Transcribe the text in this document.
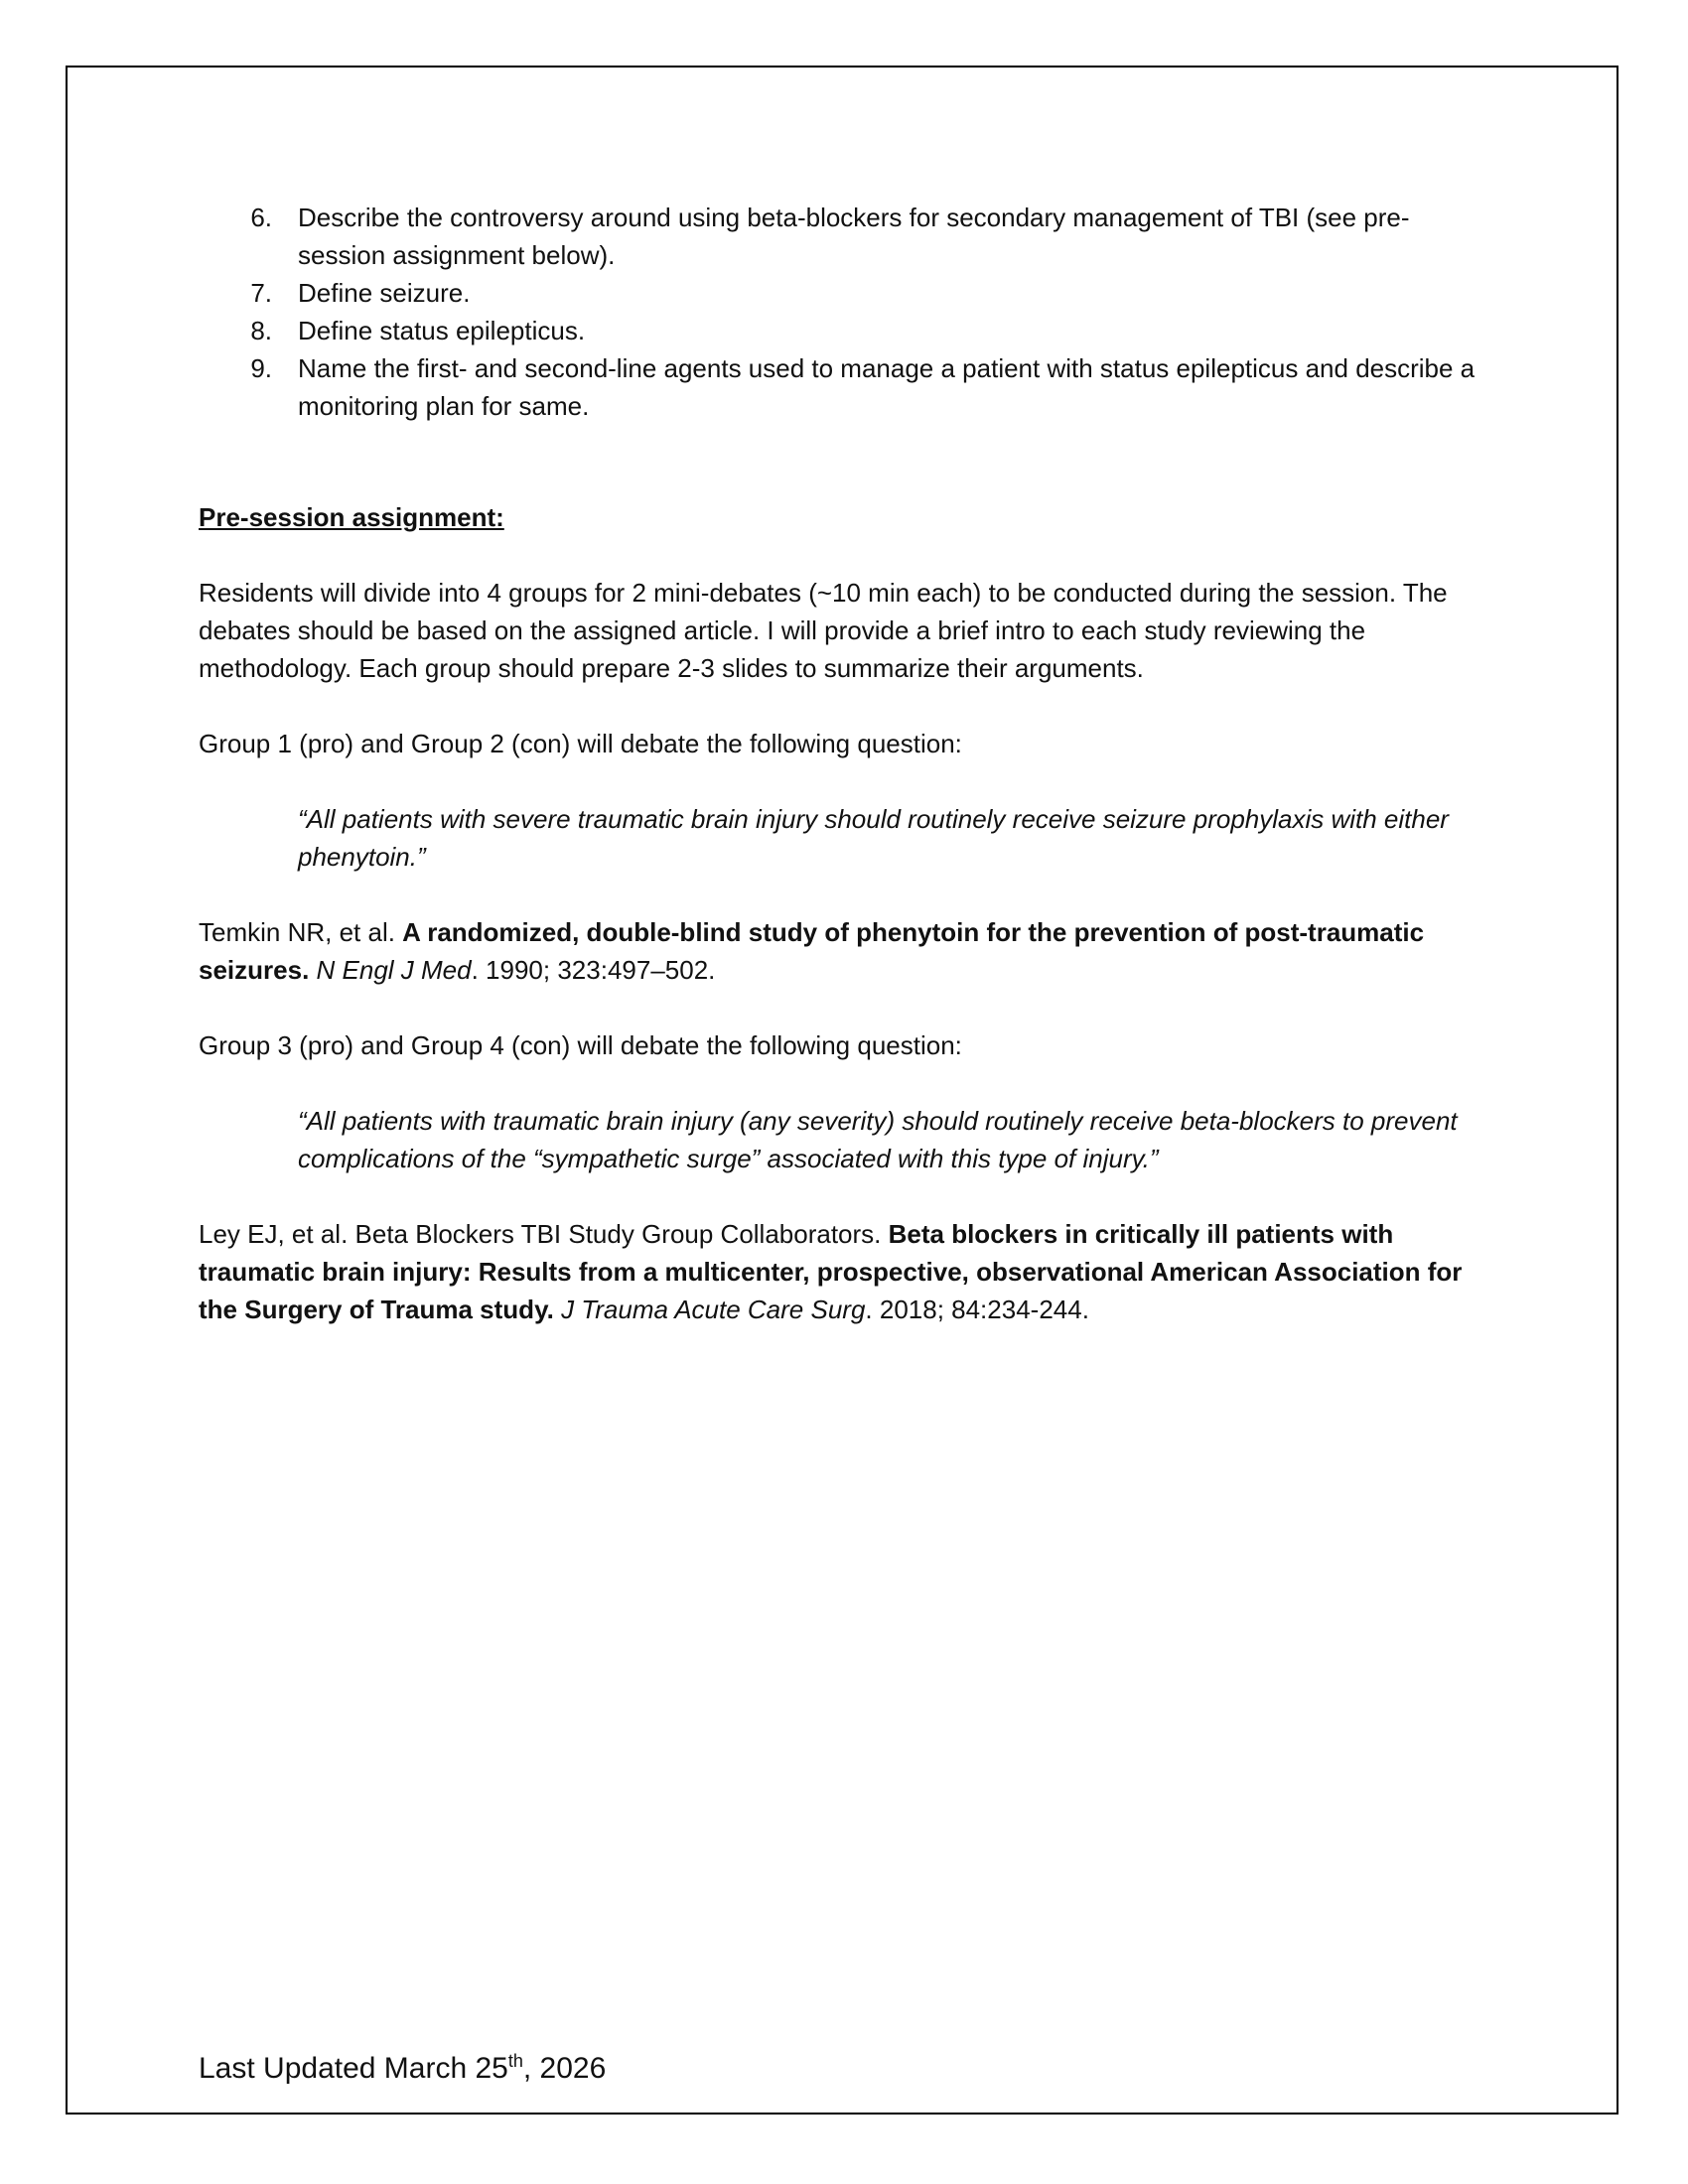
6.	Describe the controversy around using beta-blockers for secondary management of TBI (see pre-session assignment below).
7.	Define seizure.
8.	Define status epilepticus.
9.	Name the first- and second-line agents used to manage a patient with status epilepticus and describe a monitoring plan for same.
Pre-session assignment:
Residents will divide into 4 groups for 2 mini-debates (~10 min each) to be conducted during the session. The debates should be based on the assigned article. I will provide a brief intro to each study reviewing the methodology. Each group should prepare 2-3 slides to summarize their arguments.
Group 1 (pro) and Group 2 (con) will debate the following question:
“All patients with severe traumatic brain injury should routinely receive seizure prophylaxis with either phenytoin.”
Temkin NR, et al. A randomized, double-blind study of phenytoin for the prevention of post-traumatic seizures. N Engl J Med. 1990; 323:497–502.
Group 3 (pro) and Group 4 (con) will debate the following question:
“All patients with traumatic brain injury (any severity) should routinely receive beta-blockers to prevent complications of the “sympathetic surge” associated with this type of injury.”
Ley EJ, et al. Beta Blockers TBI Study Group Collaborators. Beta blockers in critically ill patients with traumatic brain injury: Results from a multicenter, prospective, observational American Association for the Surgery of Trauma study. J Trauma Acute Care Surg. 2018; 84:234-244.
Last Updated March 25th, 2026
